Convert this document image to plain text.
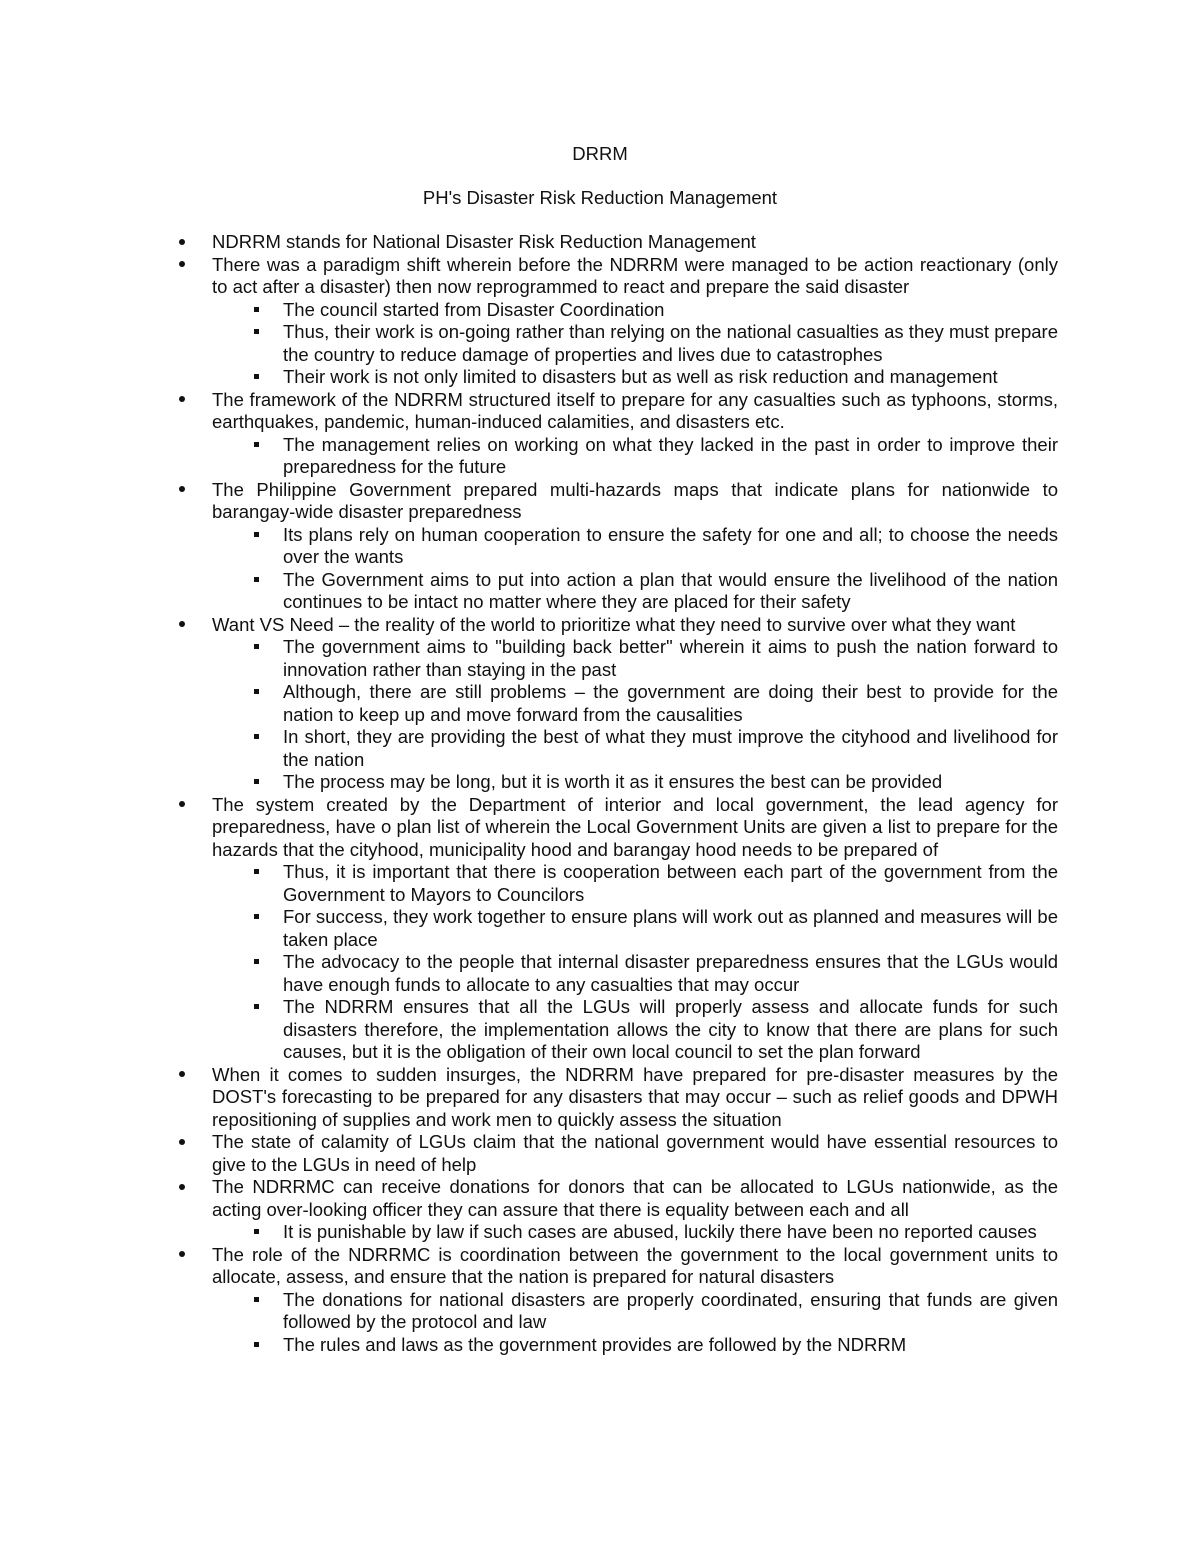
DRRM
PH's Disaster Risk Reduction Management
NDRRM stands for National Disaster Risk Reduction Management
There was a paradigm shift wherein before the NDRRM were managed to be action reactionary (only to act after a disaster) then now reprogrammed to react and prepare the said disaster
The council started from Disaster Coordination
Thus, their work is on-going rather than relying on the national casualties as they must prepare the country to reduce damage of properties and lives due to catastrophes
Their work is not only limited to disasters but as well as risk reduction and management
The framework of the NDRRM structured itself to prepare for any casualties such as typhoons, storms, earthquakes, pandemic, human-induced calamities, and disasters etc.
The management relies on working on what they lacked in the past in order to improve their preparedness for the future
The Philippine Government prepared multi-hazards maps that indicate plans for nationwide to barangay-wide disaster preparedness
Its plans rely on human cooperation to ensure the safety for one and all; to choose the needs over the wants
The Government aims to put into action a plan that would ensure the livelihood of the nation continues to be intact no matter where they are placed for their safety
Want VS Need – the reality of the world to prioritize what they need to survive over what they want
The government aims to "building back better" wherein it aims to push the nation forward to innovation rather than staying in the past
Although, there are still problems – the government are doing their best to provide for the nation to keep up and move forward from the causalities
In short, they are providing the best of what they must improve the cityhood and livelihood for the nation
The process may be long, but it is worth it as it ensures the best can be provided
The system created by the Department of interior and local government, the lead agency for preparedness, have o plan list of wherein the Local Government Units are given a list to prepare for the hazards that the cityhood, municipality hood and barangay hood needs to be prepared of
Thus, it is important that there is cooperation between each part of the government from the Government to Mayors to Councilors
For success, they work together to ensure plans will work out as planned and measures will be taken place
The advocacy to the people that internal disaster preparedness ensures that the LGUs would have enough funds to allocate to any casualties that may occur
The NDRRM ensures that all the LGUs will properly assess and allocate funds for such disasters therefore, the implementation allows the city to know that there are plans for such causes, but it is the obligation of their own local council to set the plan forward
When it comes to sudden insurges, the NDRRM have prepared for pre-disaster measures by the DOST's forecasting to be prepared for any disasters that may occur – such as relief goods and DPWH repositioning of supplies and work men to quickly assess the situation
The state of calamity of LGUs claim that the national government would have essential resources to give to the LGUs in need of help
The NDRRMC can receive donations for donors that can be allocated to LGUs nationwide, as the acting over-looking officer they can assure that there is equality between each and all
It is punishable by law if such cases are abused, luckily there have been no reported causes
The role of the NDRRMC is coordination between the government to the local government units to allocate, assess, and ensure that the nation is prepared for natural disasters
The donations for national disasters are properly coordinated, ensuring that funds are given followed by the protocol and law
The rules and laws as the government provides are followed by the NDRRM
